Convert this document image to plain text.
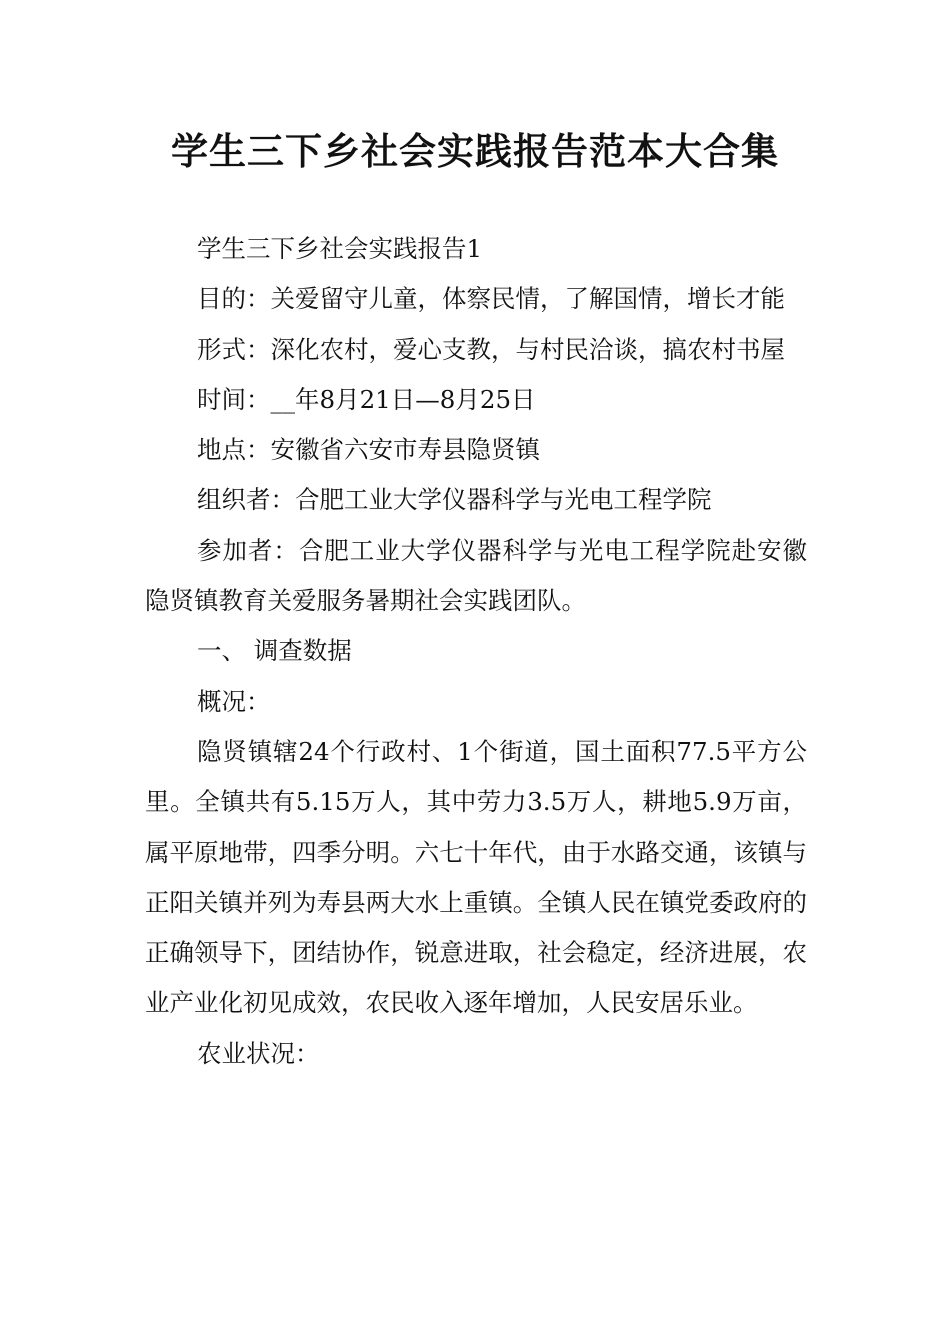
学生三下乡社会实践报告范本大合集

学生三下乡社会实践报告1

目的：关爱留守儿童，体察民情，了解国情，增长才能

形式：深化农村，爱心支教，与村民洽谈，搞农村书屋

时间：__年8月21日—8月25日

地点：安徽省六安市寿县隐贤镇

组织者：合肥工业大学仪器科学与光电工程学院

参加者：合肥工业大学仪器科学与光电工程学院赴安徽隐贤镇教育关爱服务暑期社会实践团队。

一、 调查数据

概况：

隐贤镇辖24个行政村、1个街道，国土面积77.5平方公里。全镇共有5.15万人，其中劳力3.5万人，耕地5.9万亩，属平原地带，四季分明。六七十年代，由于水路交通，该镇与正阳关镇并列为寿县两大水上重镇。全镇人民在镇党委政府的正确领导下，团结协作，锐意进取，社会稳定，经济进展，农业产业化初见成效，农民收入逐年增加，人民安居乐业。

农业状况：
